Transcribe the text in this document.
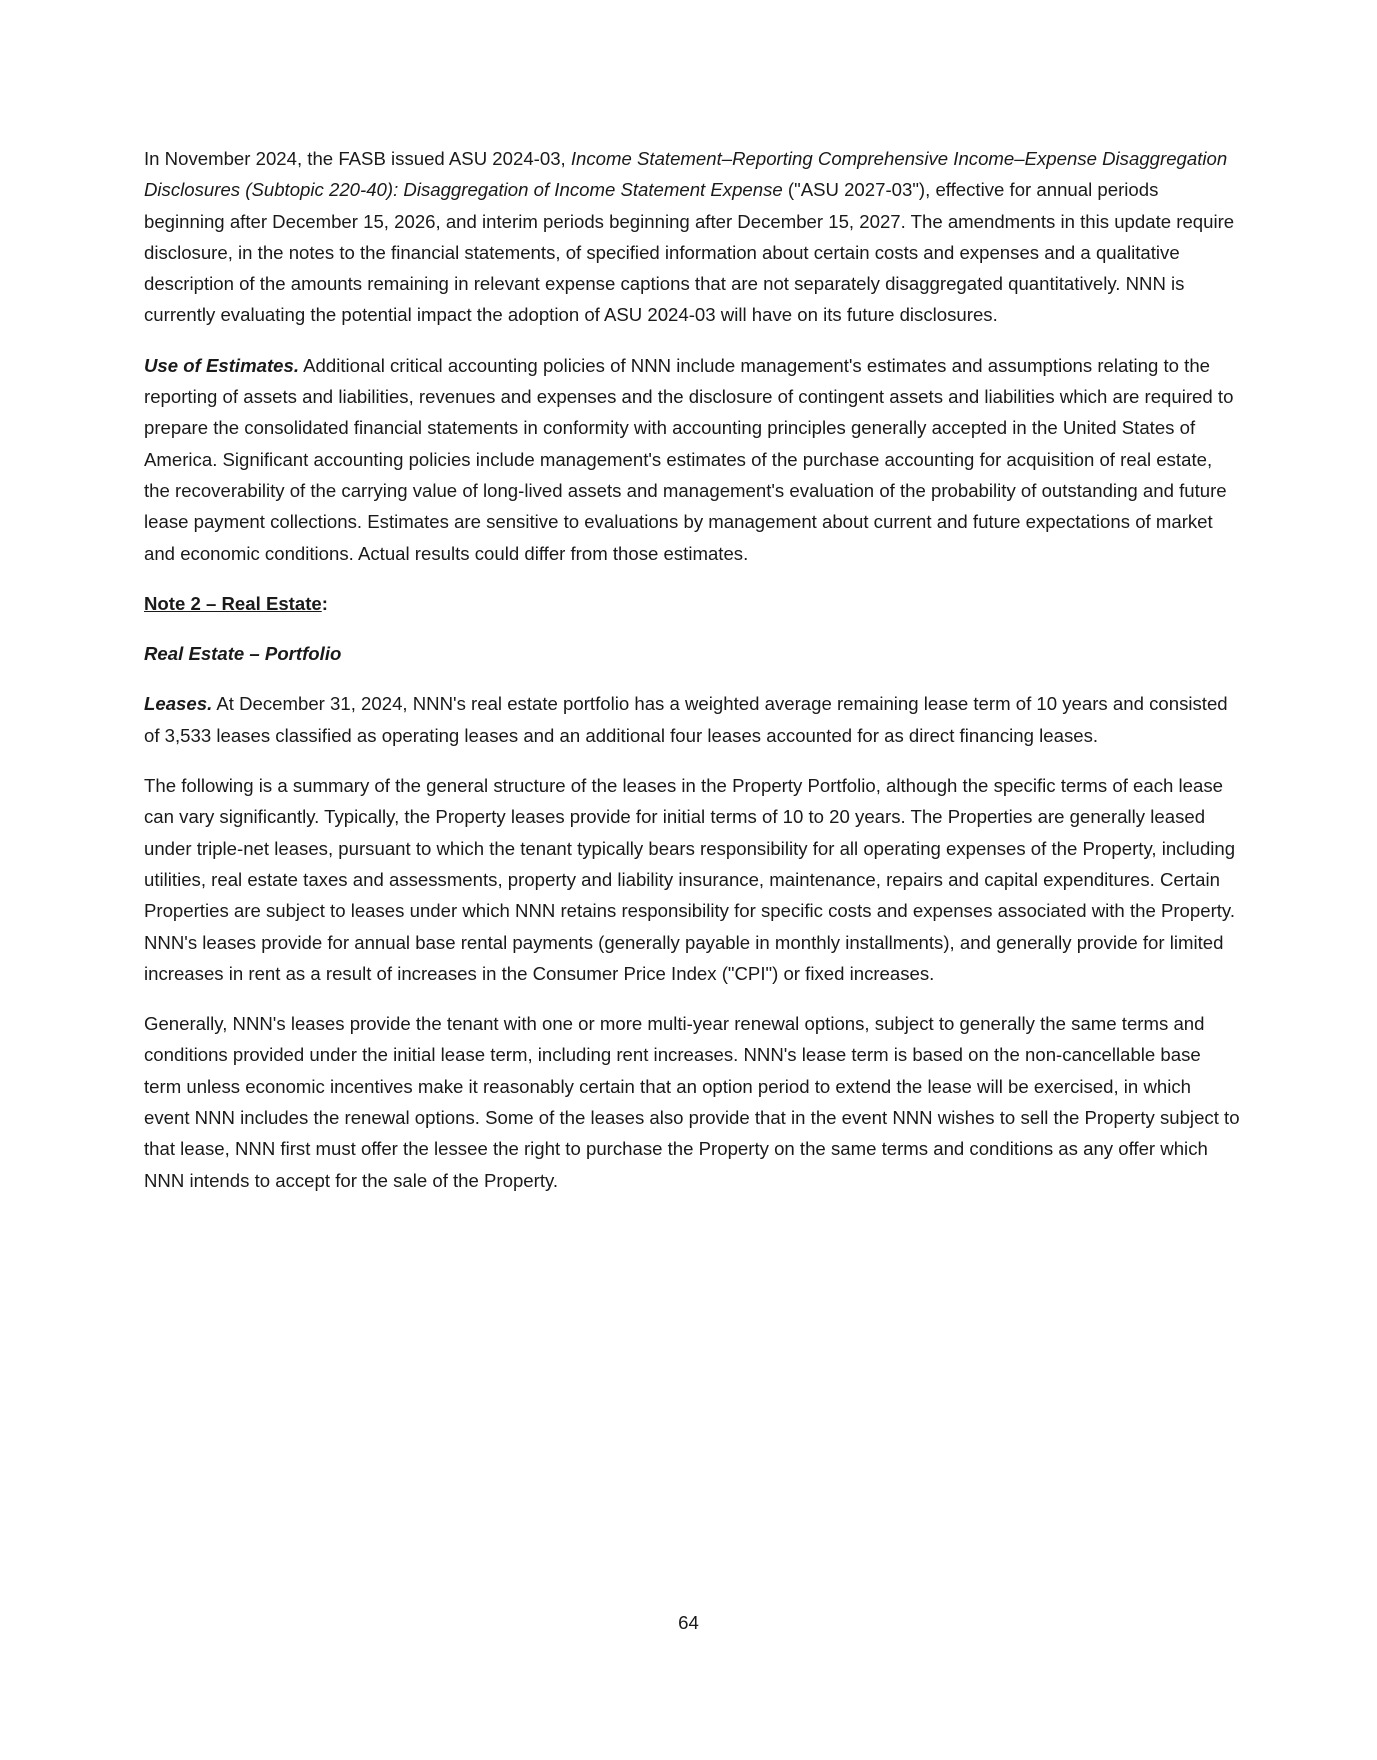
In November 2024, the FASB issued ASU 2024-03, Income Statement–Reporting Comprehensive Income–Expense Disaggregation Disclosures (Subtopic 220-40): Disaggregation of Income Statement Expense ("ASU 2027-03"), effective for annual periods beginning after December 15, 2026, and interim periods beginning after December 15, 2027. The amendments in this update require disclosure, in the notes to the financial statements, of specified information about certain costs and expenses and a qualitative description of the amounts remaining in relevant expense captions that are not separately disaggregated quantitatively. NNN is currently evaluating the potential impact the adoption of ASU 2024-03 will have on its future disclosures.

Use of Estimates. Additional critical accounting policies of NNN include management's estimates and assumptions relating to the reporting of assets and liabilities, revenues and expenses and the disclosure of contingent assets and liabilities which are required to prepare the consolidated financial statements in conformity with accounting principles generally accepted in the United States of America. Significant accounting policies include management's estimates of the purchase accounting for acquisition of real estate, the recoverability of the carrying value of long-lived assets and management's evaluation of the probability of outstanding and future lease payment collections. Estimates are sensitive to evaluations by management about current and future expectations of market and economic conditions. Actual results could differ from those estimates.

Note 2 – Real Estate:

Real Estate – Portfolio

Leases. At December 31, 2024, NNN's real estate portfolio has a weighted average remaining lease term of 10 years and consisted of 3,533 leases classified as operating leases and an additional four leases accounted for as direct financing leases.

The following is a summary of the general structure of the leases in the Property Portfolio, although the specific terms of each lease can vary significantly. Typically, the Property leases provide for initial terms of 10 to 20 years. The Properties are generally leased under triple-net leases, pursuant to which the tenant typically bears responsibility for all operating expenses of the Property, including utilities, real estate taxes and assessments, property and liability insurance, maintenance, repairs and capital expenditures. Certain Properties are subject to leases under which NNN retains responsibility for specific costs and expenses associated with the Property. NNN's leases provide for annual base rental payments (generally payable in monthly installments), and generally provide for limited increases in rent as a result of increases in the Consumer Price Index ("CPI") or fixed increases.

Generally, NNN's leases provide the tenant with one or more multi-year renewal options, subject to generally the same terms and conditions provided under the initial lease term, including rent increases. NNN's lease term is based on the non-cancellable base term unless economic incentives make it reasonably certain that an option period to extend the lease will be exercised, in which event NNN includes the renewal options. Some of the leases also provide that in the event NNN wishes to sell the Property subject to that lease, NNN first must offer the lessee the right to purchase the Property on the same terms and conditions as any offer which NNN intends to accept for the sale of the Property.

64
